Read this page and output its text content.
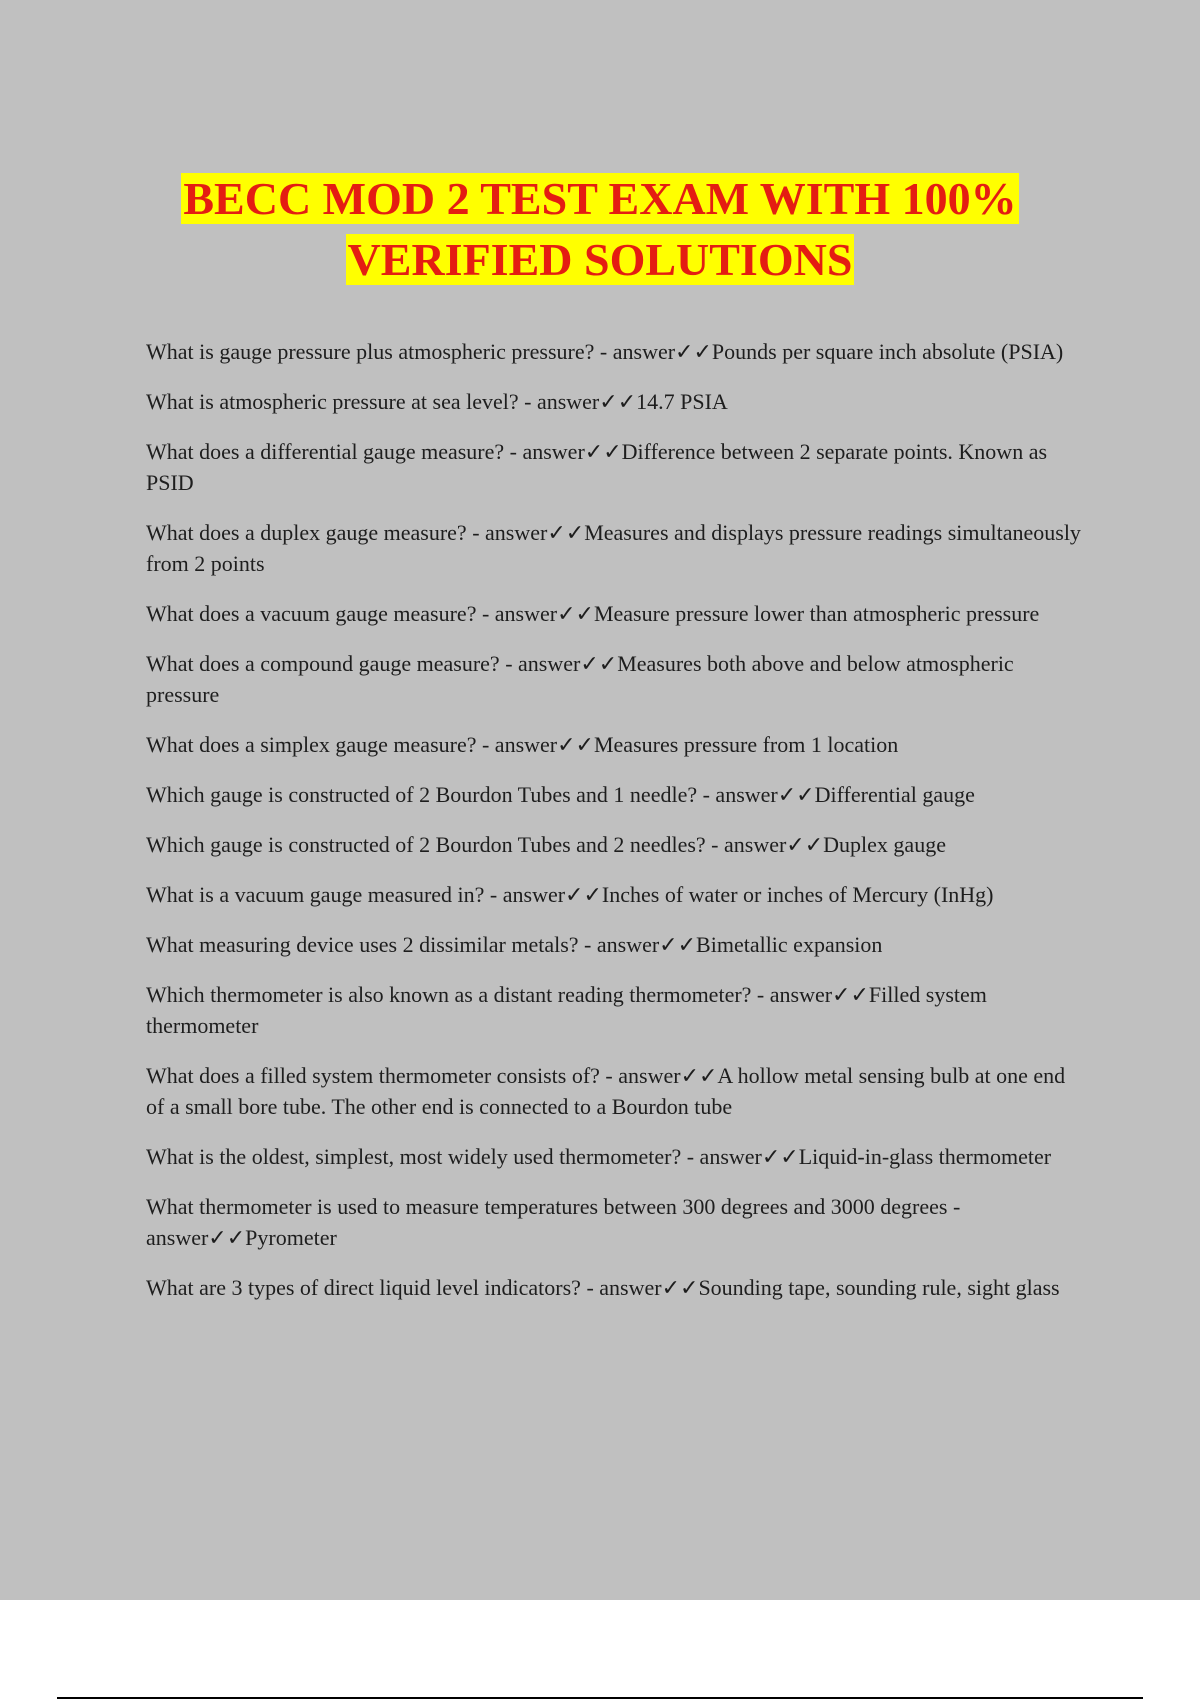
BECC MOD 2 TEST EXAM WITH 100%
VERIFIED SOLUTIONS
What is gauge pressure plus atmospheric pressure? - answer✓✓Pounds per square inch absolute (PSIA)
What is atmospheric pressure at sea level? - answer✓✓14.7 PSIA
What does a differential gauge measure? - answer✓✓Difference between 2 separate points. Known as PSID
What does a duplex gauge measure? - answer✓✓Measures and displays pressure readings simultaneously from 2 points
What does a vacuum gauge measure? - answer✓✓Measure pressure lower than atmospheric pressure
What does a compound gauge measure? - answer✓✓Measures both above and below atmospheric pressure
What does a simplex gauge measure? - answer✓✓Measures pressure from 1 location
Which gauge is constructed of 2 Bourdon Tubes and 1 needle? - answer✓✓Differential gauge
Which gauge is constructed of 2 Bourdon Tubes and 2 needles? - answer✓✓Duplex gauge
What is a vacuum gauge measured in? - answer✓✓Inches of water or inches of Mercury (InHg)
What measuring device uses 2 dissimilar metals? - answer✓✓Bimetallic expansion
Which thermometer is also known as a distant reading thermometer? - answer✓✓Filled system thermometer
What does a filled system thermometer consists of? - answer✓✓A hollow metal sensing bulb at one end of a small bore tube. The other end is connected to a Bourdon tube
What is the oldest, simplest, most widely used thermometer? - answer✓✓Liquid-in-glass thermometer
What thermometer is used to measure temperatures between 300 degrees and 3000 degrees - answer✓✓Pyrometer
What are 3 types of direct liquid level indicators? - answer✓✓Sounding tape, sounding rule, sight glass
